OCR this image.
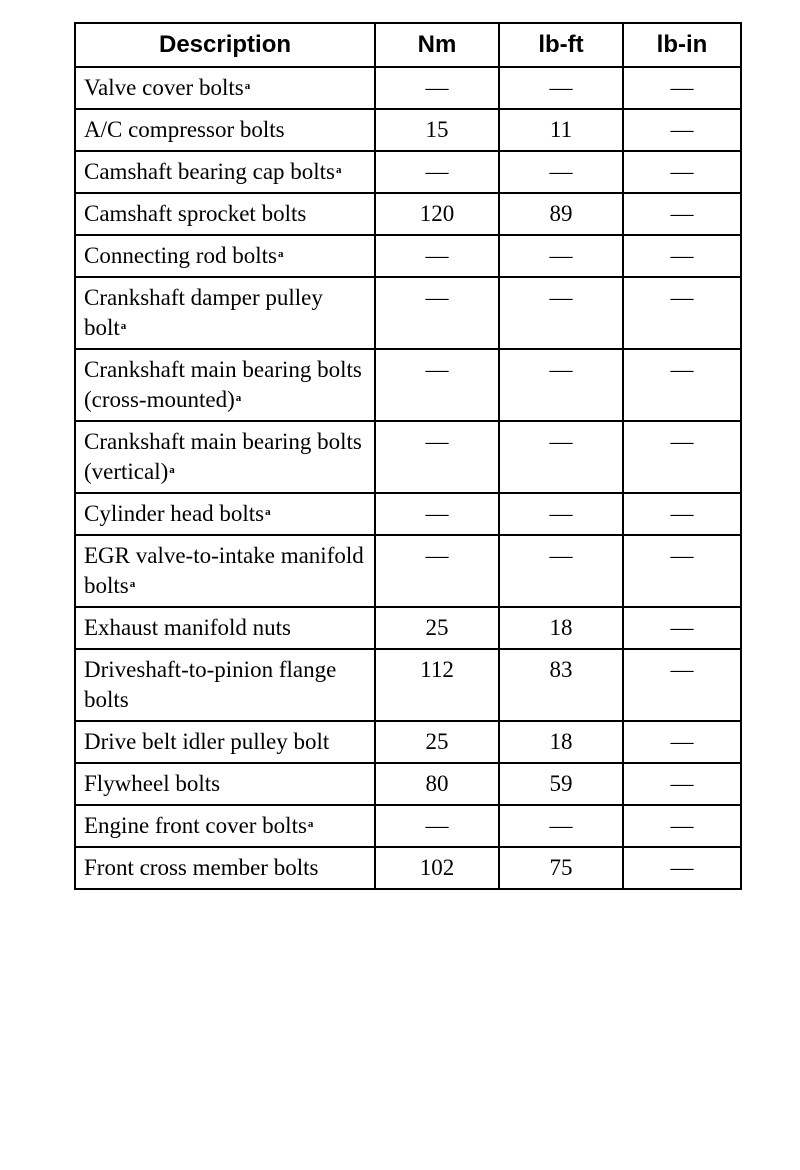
Description	Nm	lb-ft	lb-in
Valve cover bolts$^a$	—	—	—
A/C compressor bolts	15	11	—
Camshaft bearing cap bolts$^a$	—	—	—
Camshaft sprocket bolts	120	89	—
Connecting rod bolts$^a$	—	—	—
Crankshaft damper pulley bolt$^a$	—	—	—
Crankshaft main bearing bolts (cross-mounted)$^a$	—	—	—
Crankshaft main bearing bolts (vertical)$^a$	—	—	—
Cylinder head bolts$^a$	—	—	—
EGR valve-to-intake manifold bolts$^a$	—	—	—
Exhaust manifold nuts	25	18	—
Driveshaft-to-pinion flange bolts	112	83	—
Drive belt idler pulley bolt	25	18	—
Flywheel bolts	80	59	—
Engine front cover bolts$^a$	—	—	—
Front cross member bolts	102	75	—
